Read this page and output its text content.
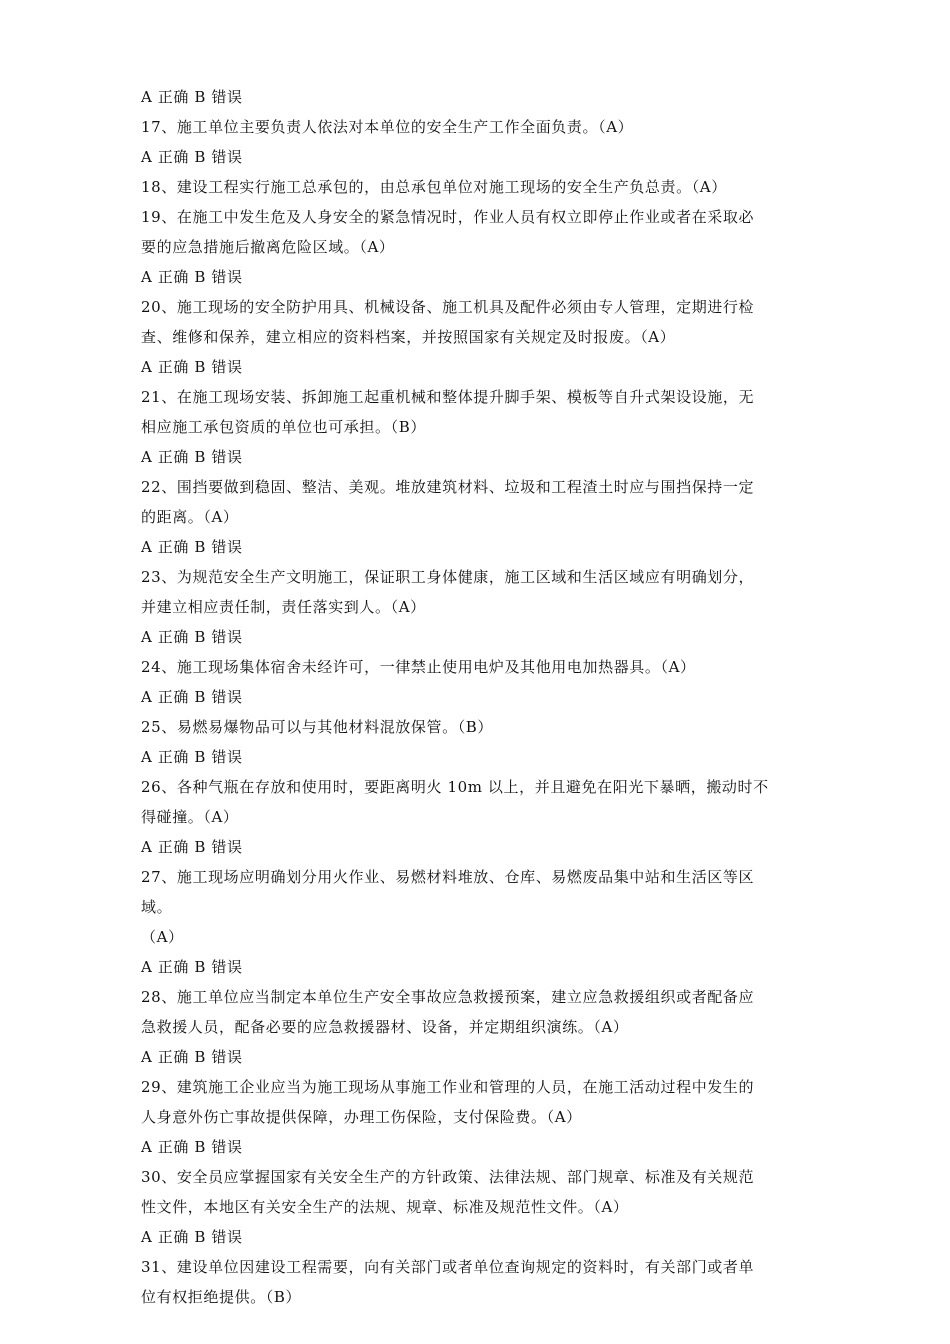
A 正确 B 错误
17、施工单位主要负责人依法对本单位的安全生产工作全面负责。（A）
A 正确 B 错误
18、建设工程实行施工总承包的，由总承包单位对施工现场的安全生产负总责。（A）
19、在施工中发生危及人身安全的紧急情况时，作业人员有权立即停止作业或者在采取必
要的应急措施后撤离危险区域。（A）
A 正确 B 错误
20、施工现场的安全防护用具、机械设备、施工机具及配件必须由专人管理，定期进行检
查、维修和保养，建立相应的资料档案，并按照国家有关规定及时报废。（A）
A 正确 B 错误
21、在施工现场安装、拆卸施工起重机械和整体提升脚手架、模板等自升式架设设施，无
相应施工承包资质的单位也可承担。（B）
A 正确 B 错误
22、围挡要做到稳固、整洁、美观。堆放建筑材料、垃圾和工程渣土时应与围挡保持一定
的距离。（A）
A 正确 B 错误
23、为规范安全生产文明施工，保证职工身体健康，施工区域和生活区域应有明确划分，
并建立相应责任制，责任落实到人。（A）
A 正确 B 错误
24、施工现场集体宿舍未经许可，一律禁止使用电炉及其他用电加热器具。（A）
A 正确 B 错误
25、易燃易爆物品可以与其他材料混放保管。（B）
A 正确 B 错误
26、各种气瓶在存放和使用时，要距离明火 10m 以上，并且避免在阳光下暴晒，搬动时不
得碰撞。（A）
A 正确 B 错误
27、施工现场应明确划分用火作业、易燃材料堆放、仓库、易燃废品集中站和生活区等区
域。
（A）
A 正确 B 错误
28、施工单位应当制定本单位生产安全事故应急救援预案，建立应急救援组织或者配备应
急救援人员，配备必要的应急救援器材、设备，并定期组织演练。（A）
A 正确 B 错误
29、建筑施工企业应当为施工现场从事施工作业和管理的人员，在施工活动过程中发生的
人身意外伤亡事故提供保障，办理工伤保险，支付保险费。（A）
A 正确 B 错误
30、安全员应掌握国家有关安全生产的方针政策、法律法规、部门规章、标准及有关规范
性文件，本地区有关安全生产的法规、规章、标准及规范性文件。（A）
A 正确 B 错误
31、建设单位因建设工程需要，向有关部门或者单位查询规定的资料时，有关部门或者单
位有权拒绝提供。（B）
